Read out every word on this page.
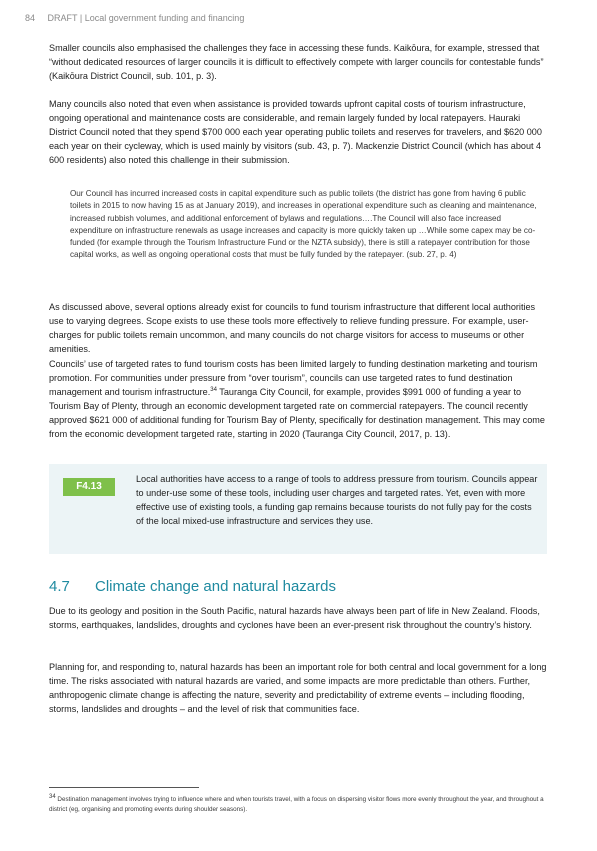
84 DRAFT | Local government funding and financing

Smaller councils also emphasised the challenges they face in accessing these funds. Kaikōura, for example, stressed that “without dedicated resources of larger councils it is difficult to effectively compete with larger councils for contestable funds” (Kaikōura District Council, sub. 101, p. 3).

Many councils also noted that even when assistance is provided towards upfront capital costs of tourism infrastructure, ongoing operational and maintenance costs are considerable, and remain largely funded by local ratepayers. Hauraki District Council noted that they spend $700 000 each year operating public toilets and reserves for travelers, and $620 000 each year on their cycleway, which is used mainly by visitors (sub. 43, p. 7). Mackenzie District Council (which has about 4 600 residents) also noted this challenge in their submission.

Our Council has incurred increased costs in capital expenditure such as public toilets (the district has gone from having 6 public toilets in 2015 to now having 15 as at January 2019), and increases in operational expenditure such as cleaning and maintenance, increased rubbish volumes, and additional enforcement of bylaws and regulations….The Council will also face increased expenditure on infrastructure renewals as usage increases and capacity is more quickly taken up …While some capex may be co-funded (for example through the Tourism Infrastructure Fund or the NZTA subsidy), there is still a ratepayer contribution for those capital works, as well as ongoing operational costs that must be fully funded by the ratepayer. (sub. 27, p. 4)

As discussed above, several options already exist for councils to fund tourism infrastructure that different local authorities use to varying degrees. Scope exists to use these tools more effectively to relieve funding pressure. For example, user-charges for public toilets remain uncommon, and many councils do not charge visitors for access to museums or other amenities.

Councils’ use of targeted rates to fund tourism costs has been limited largely to funding destination marketing and tourism promotion. For communities under pressure from “over tourism”, councils can use targeted rates to fund destination management and tourism infrastructure.$^{34}$ Tauranga City Council, for example, provides $991 000 of funding a year to Tourism Bay of Plenty, through an economic development targeted rate on commercial ratepayers. The council recently approved $621 000 of additional funding for Tourism Bay of Plenty, specifically for destination management. This may come from the economic development targeted rate, starting in 2020 (Tauranga City Council, 2017, p. 13).

F4.13

Local authorities have access to a range of tools to address pressure from tourism. Councils appear to under-use some of these tools, including user charges and targeted rates. Yet, even with more effective use of existing tools, a funding gap remains because tourists do not fully pay for the costs of the local mixed-use infrastructure and services they use.

4.7 Climate change and natural hazards

Due to its geology and position in the South Pacific, natural hazards have always been part of life in New Zealand. Floods, storms, earthquakes, landslides, droughts and cyclones have been an ever-present risk throughout the country’s history.

Planning for, and responding to, natural hazards has been an important role for both central and local government for a long time. The risks associated with natural hazards are varied, and some impacts are more predictable than others. Further, anthropogenic climate change is affecting the nature, severity and predictability of extreme events – including flooding, storms, landslides and droughts – and the level of risk that communities face.

$^{34}$ Destination management involves trying to influence where and when tourists travel, with a focus on dispersing visitor flows more evenly throughout the year, and throughout a district (eg, organising and promoting events during shoulder seasons).
